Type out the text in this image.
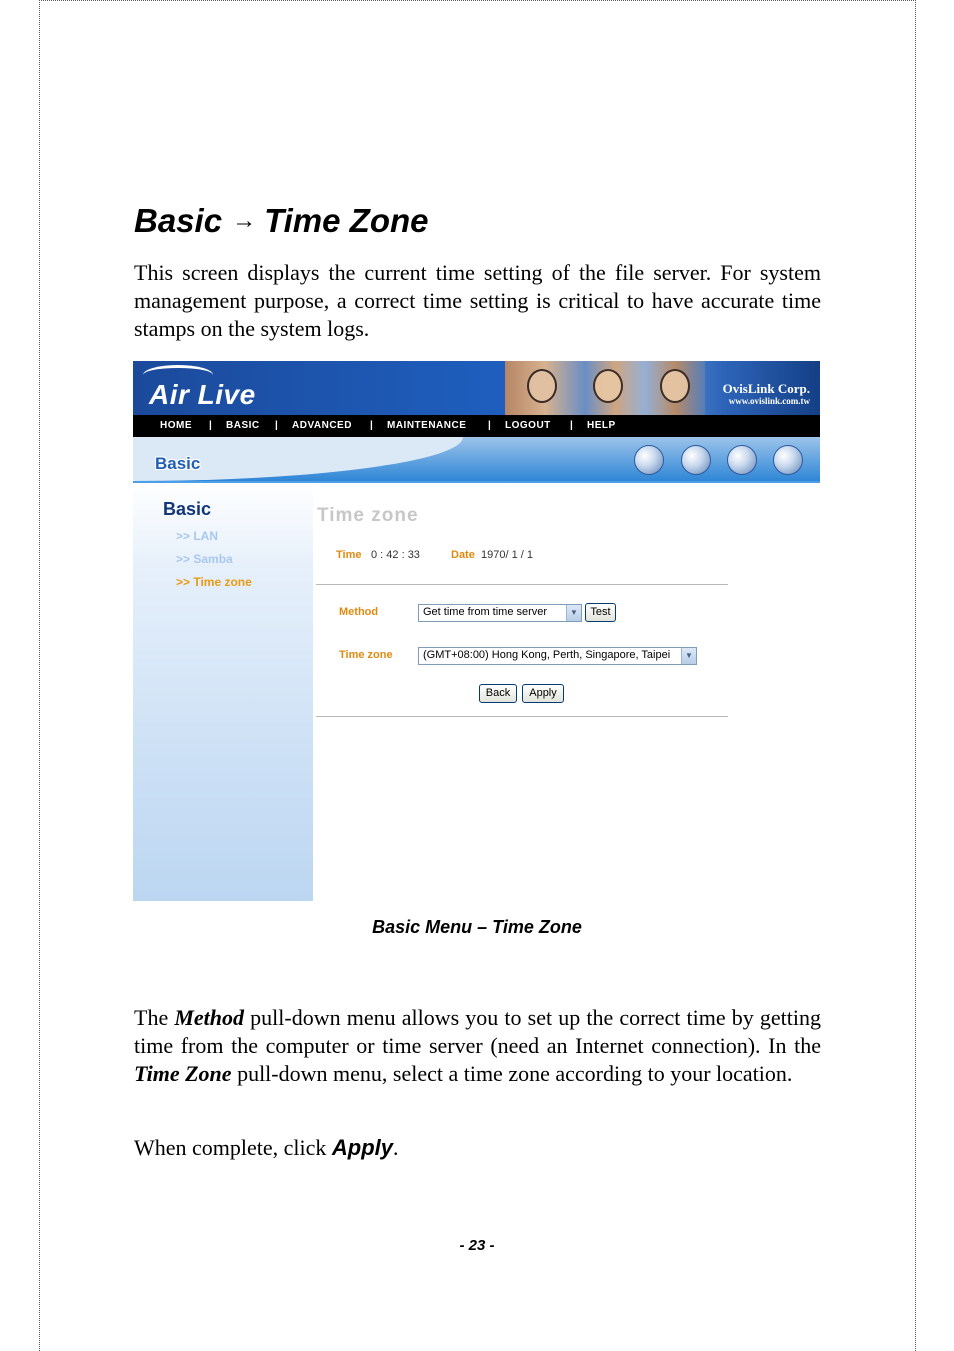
Basic → Time Zone

This screen displays the current time setting of the file server. For system management purpose, a correct time setting is critical to have accurate time stamps on the system logs.

Air Live	OvisLink Corp.
www.ovislink.com.tw
HOME | BASIC | ADVANCED | MAINTENANCE | LOGOUT | HELP
Basic
Basic
>> LAN
>> Samba
>> Time zone
Time zone
Time 0 : 42 : 33	Date 1970/ 1 / 1
Method	Get time from time server	▼	Test
Time zone	(GMT+08:00) Hong Kong, Perth, Singapore, Taipei	▼
Back	Apply
Basic Menu – Time Zone

The Method pull-down menu allows you to set up the correct time by getting time from the computer or time server (need an Internet connection). In the Time Zone pull-down menu, select a time zone according to your location.

When complete, click Apply.

- 23 -
